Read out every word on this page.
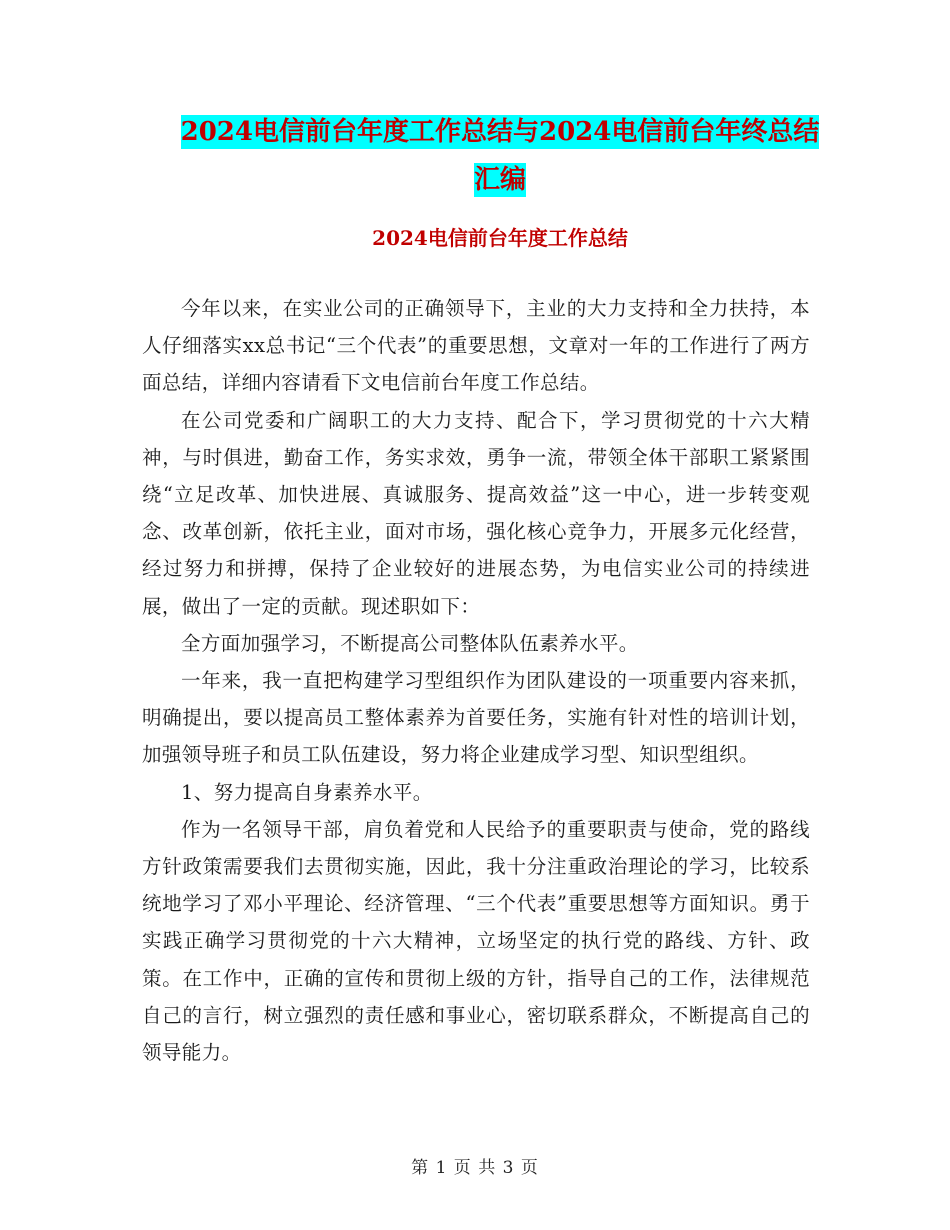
2024电信前台年度工作总结与2024电信前台年终总结
汇编
2024电信前台年度工作总结

今年以来，在实业公司的正确领导下，主业的大力支持和全力扶持，本人仔细落实xx总书记“三个代表”的重要思想，文章对一年的工作进行了两方面总结，详细内容请看下文电信前台年度工作总结。

在公司党委和广阔职工的大力支持、配合下，学习贯彻党的十六大精神，与时俱进，勤奋工作，务实求效，勇争一流，带领全体干部职工紧紧围绕“立足改革、加快进展、真诚服务、提高效益”这一中心，进一步转变观念、改革创新，依托主业，面对市场，强化核心竞争力，开展多元化经营，经过努力和拼搏，保持了企业较好的进展态势，为电信实业公司的持续进展，做出了一定的贡献。现述职如下：

全方面加强学习，不断提高公司整体队伍素养水平。

一年来，我一直把构建学习型组织作为团队建设的一项重要内容来抓，明确提出，要以提高员工整体素养为首要任务，实施有针对性的培训计划，加强领导班子和员工队伍建设，努力将企业建成学习型、知识型组织。

1、努力提高自身素养水平。

作为一名领导干部，肩负着党和人民给予的重要职责与使命，党的路线方针政策需要我们去贯彻实施，因此，我十分注重政治理论的学习，比较系统地学习了邓小平理论、经济管理、“三个代表”重要思想等方面知识。勇于实践正确学习贯彻党的十六大精神，立场坚定的执行党的路线、方针、政策。在工作中，正确的宣传和贯彻上级的方针，指导自己的工作，法律规范自己的言行，树立强烈的责任感和事业心，密切联系群众，不断提高自己的领导能力。

第 1 页 共 3 页
